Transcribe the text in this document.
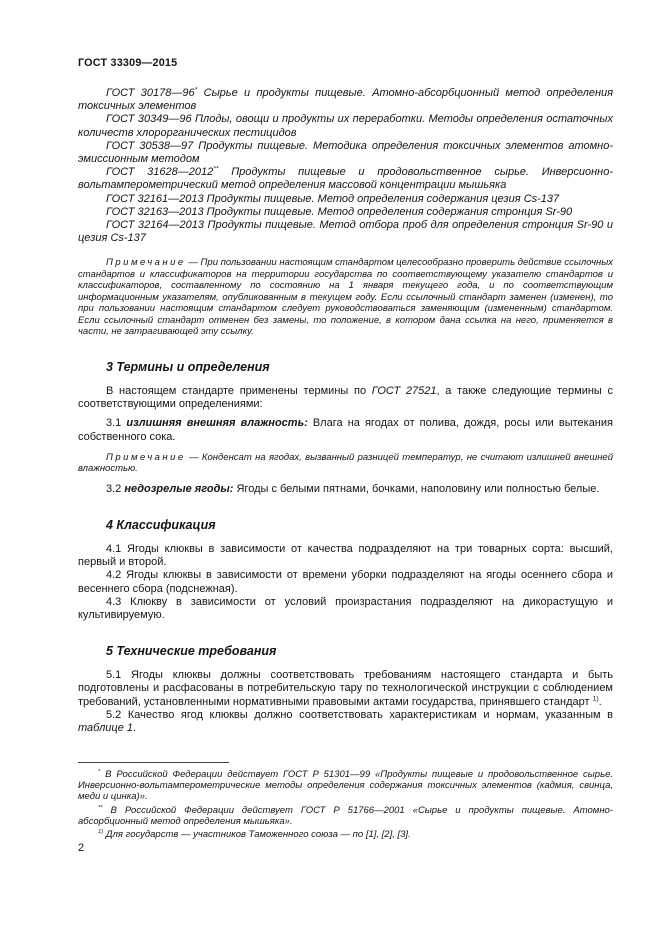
ГОСТ 33309—2015

ГОСТ 30178—96* Сырье и продукты пищевые. Атомно-абсорбционный метод определения токсичных элементов

ГОСТ 30349—96 Плоды, овощи и продукты их переработки. Методы определения остаточных количеств хлорорганических пестицидов

ГОСТ 30538—97 Продукты пищевые. Методика определения токсичных элементов атомно-эмиссионным методом

ГОСТ 31628—2012** Продукты пищевые и продовольственное сырье. Инверсионно-вольтамперометрический метод определения массовой концентрации мышьяка

ГОСТ 32161—2013 Продукты пищевые. Метод определения содержания цезия Cs-137

ГОСТ 32163—2013 Продукты пищевые. Метод определения содержания стронция Sr-90

ГОСТ 32164—2013 Продукты пищевые. Метод отбора проб для определения стронция Sr-90 и цезия Cs-137

Примечание — При пользовании настоящим стандартом целесообразно проверить действие ссылочных стандартов и классификаторов на территории государства по соответствующему указателю стандартов и классификаторов, составленному по состоянию на 1 января текущего года, и по соответствующим информационным указателям, опубликованным в текущем году. Если ссылочный стандарт заменен (изменен), то при пользовании настоящим стандартом следует руководствоваться заменяющим (измененным) стандартом. Если ссылочный стандарт отменен без замены, то положение, в котором дана ссылка на него, применяется в части, не затрагивающей эту ссылку.

3 Термины и определения

В настоящем стандарте применены термины по ГОСТ 27521, а также следующие термины с соответствующими определениями:

3.1 излишняя внешняя влажность: Влага на ягодах от полива, дождя, росы или вытекания собственного сока.

Примечание — Конденсат на ягодах, вызванный разницей температур, не считают излишней внешней влажностью.

3.2 недозрелые ягоды: Ягоды с белыми пятнами, бочками, наполовину или полностью белые.

4 Классификация

4.1 Ягоды клюквы в зависимости от качества подразделяют на три товарных сорта: высший, первый и второй.

4.2 Ягоды клюквы в зависимости от времени уборки подразделяют на ягоды осеннего сбора и весеннего сбора (подснежная).

4.3 Клюкву в зависимости от условий произрастания подразделяют на дикорастущую и культивируемую.

5 Технические требования

5.1 Ягоды клюквы должны соответствовать требованиям настоящего стандарта и быть подготовлены и расфасованы в потребительскую тару по технологической инструкции с соблюдением требований, установленными нормативными правовыми актами государства, принявшего стандарт $^{1)}$.

5.2 Качество ягод клюквы должно соответствовать характеристикам и нормам, указанным в таблице 1.

* В Российской Федерации действует ГОСТ Р 51301—99 «Продукты пищевые и продовольственное сырье. Инверсионно-вольтамперометрические методы определения содержания токсичных элементов (кадмия, свинца, меди и цинка)».

** В Российской Федерации действует ГОСТ Р 51766—2001 «Сырье и продукты пищевые. Атомно-абсорбционный метод определения мышьяка».

$^{1)}$ Для государств — участников Таможенного союза — по [1], [2], [3].

2
